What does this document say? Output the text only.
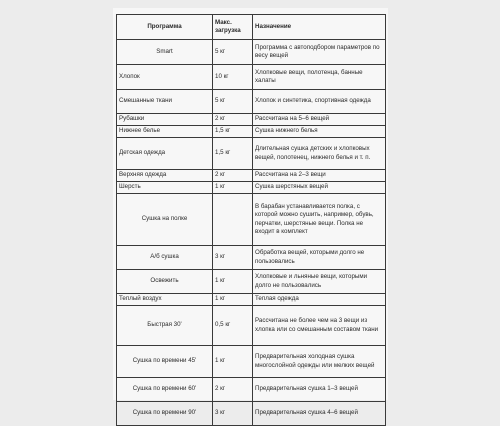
Программа	Макс. загрузка	Назначение
Smart	5 кг	Программа с автоподбором параметров по весу вещей
Хлопок	10 кг	Хлопковые вещи, полотенца, банные халаты
Смешанные ткани	5 кг	Хлопок и синтетика, спортивная одежда
Рубашки	2 кг	Рассчитана на 5–6 вещей
Нижнее белье	1,5 кг	Сушка нижнего белья
Детская одежда	1,5 кг	Длительная сушка детских и хлопковых вещей, полотенец, нижнего белья и т. п.
Верхняя одежда	2 кг	Рассчитана на 2–3 вещи
Шерсть	1 кг	Сушка шерстяных вещей
Сушка на полке		В барабан устанавливается полка, с которой можно сушить, например, обувь, перчатки, шерстяные вещи. Полка не входит в комплект
А/б сушка	3 кг	Обработка вещей, которыми долго не пользовались
Освежить	1 кг	Хлопковые и льняные вещи, которыми долго не пользовались
Теплый воздух	1 кг	Теплая одежда
Быстрая 30'	0,5 кг	Рассчитана не более чем на 3 вещи из хлопка или со смешанным составом ткани
Сушка по времени 45'	1 кг	Предварительная холодная сушка многослойной одежды или мелких вещей
Сушка по времени 60'	2 кг	Предварительная сушка 1–3 вещей
Сушка по времени 90'	3 кг	Предварительная сушка 4–6 вещей
